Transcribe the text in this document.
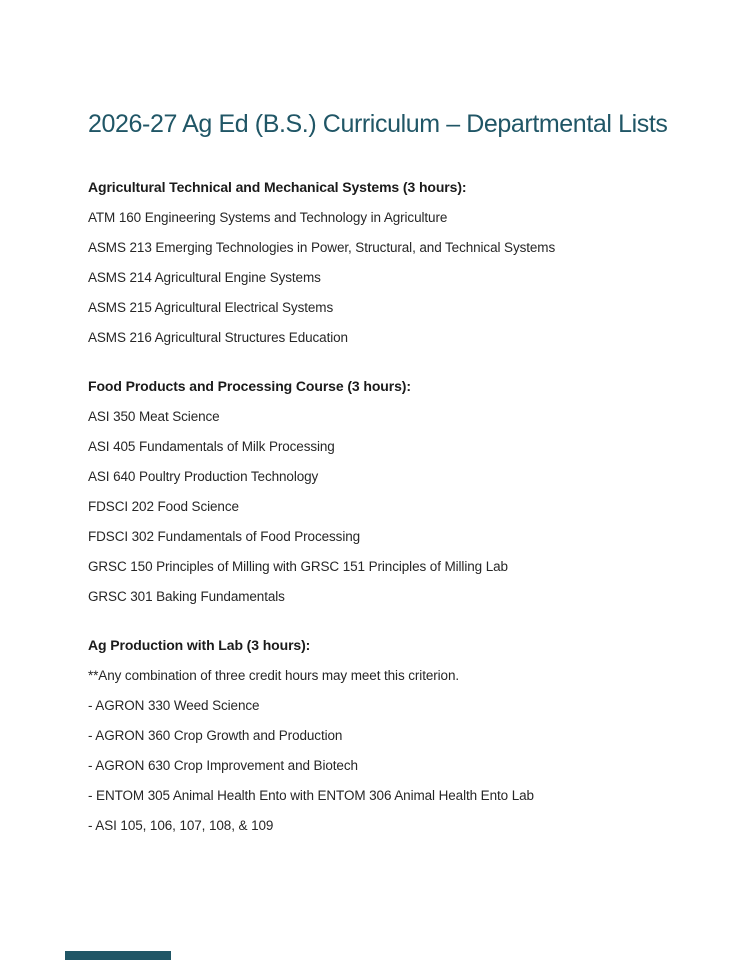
2026-27 Ag Ed (B.S.) Curriculum – Departmental Lists

Agricultural Technical and Mechanical Systems (3 hours):

ATM 160 Engineering Systems and Technology in Agriculture

ASMS 213 Emerging Technologies in Power, Structural, and Technical Systems

ASMS 214 Agricultural Engine Systems

ASMS 215 Agricultural Electrical Systems

ASMS 216 Agricultural Structures Education

Food Products and Processing Course (3 hours):

ASI 350 Meat Science

ASI 405 Fundamentals of Milk Processing

ASI 640 Poultry Production Technology

FDSCI 202 Food Science

FDSCI 302 Fundamentals of Food Processing

GRSC 150 Principles of Milling with GRSC 151 Principles of Milling Lab

GRSC 301 Baking Fundamentals

Ag Production with Lab (3 hours):

**Any combination of three credit hours may meet this criterion.

- AGRON 330 Weed Science

- AGRON 360 Crop Growth and Production

- AGRON 630 Crop Improvement and Biotech

- ENTOM 305 Animal Health Ento with ENTOM 306 Animal Health Ento Lab

- ASI 105, 106, 107, 108, & 109
